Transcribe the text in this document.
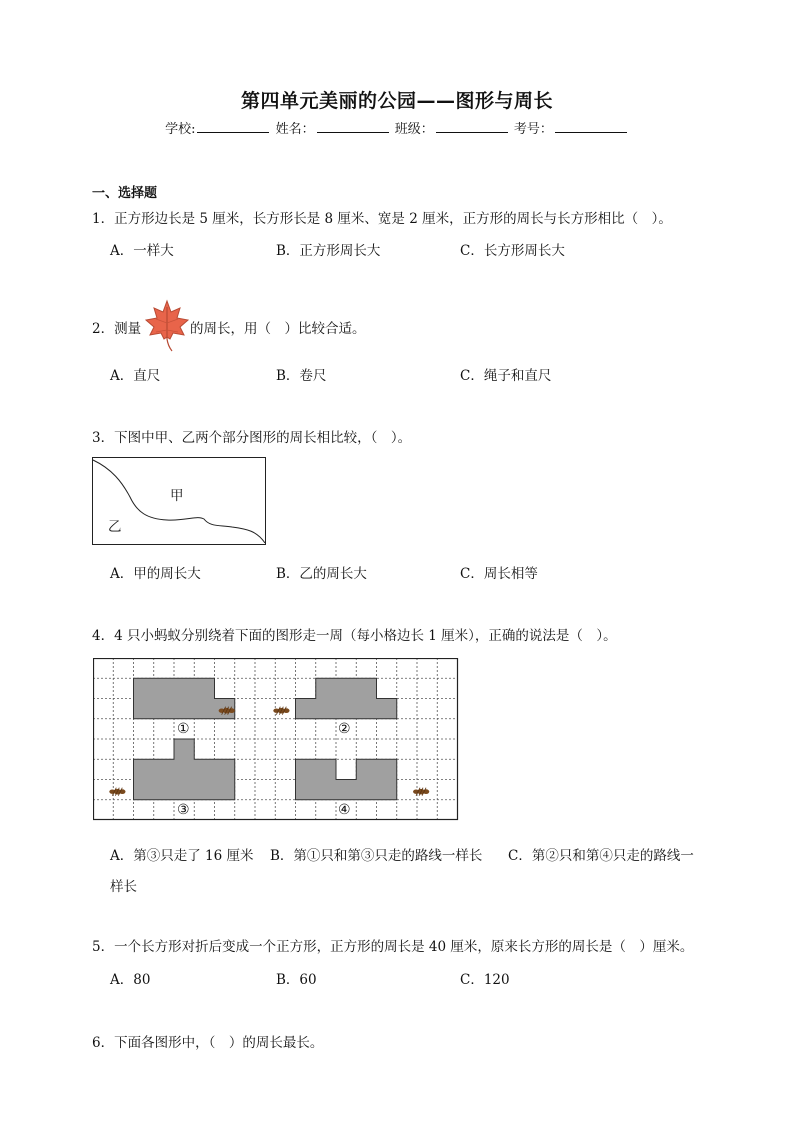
第四单元美丽的公园——图形与周长
学校:	姓名：	班级：	考号：
一、选择题
1．正方形边长是 5 厘米，长方形长是 8 厘米、宽是 2 厘米，正方形的周长与长方形相比（　）。
A．一样大	B．正方形周长大	C．长方形周长大
2．测量	的周长，用（　）比较合适。
A．直尺	B．卷尺	C．绳子和直尺
3．下图中甲、乙两个部分图形的周长相比较，（　）。
甲
乙
A．甲的周长大	B．乙的周长大	C．周长相等
4．4 只小蚂蚁分别绕着下面的图形走一周（每小格边长 1 厘米），正确的说法是（　）。
①	②
③	④
A．第③只走了 16 厘米 B．第①只和第③只走的路线一样长 C．第②只和第④只走的路线一
样长
5．一个长方形对折后变成一个正方形，正方形的周长是 40 厘米，原来长方形的周长是（　）厘米。
A．80	B．60	C．120
6．下面各图形中，（　）的周长最长。
